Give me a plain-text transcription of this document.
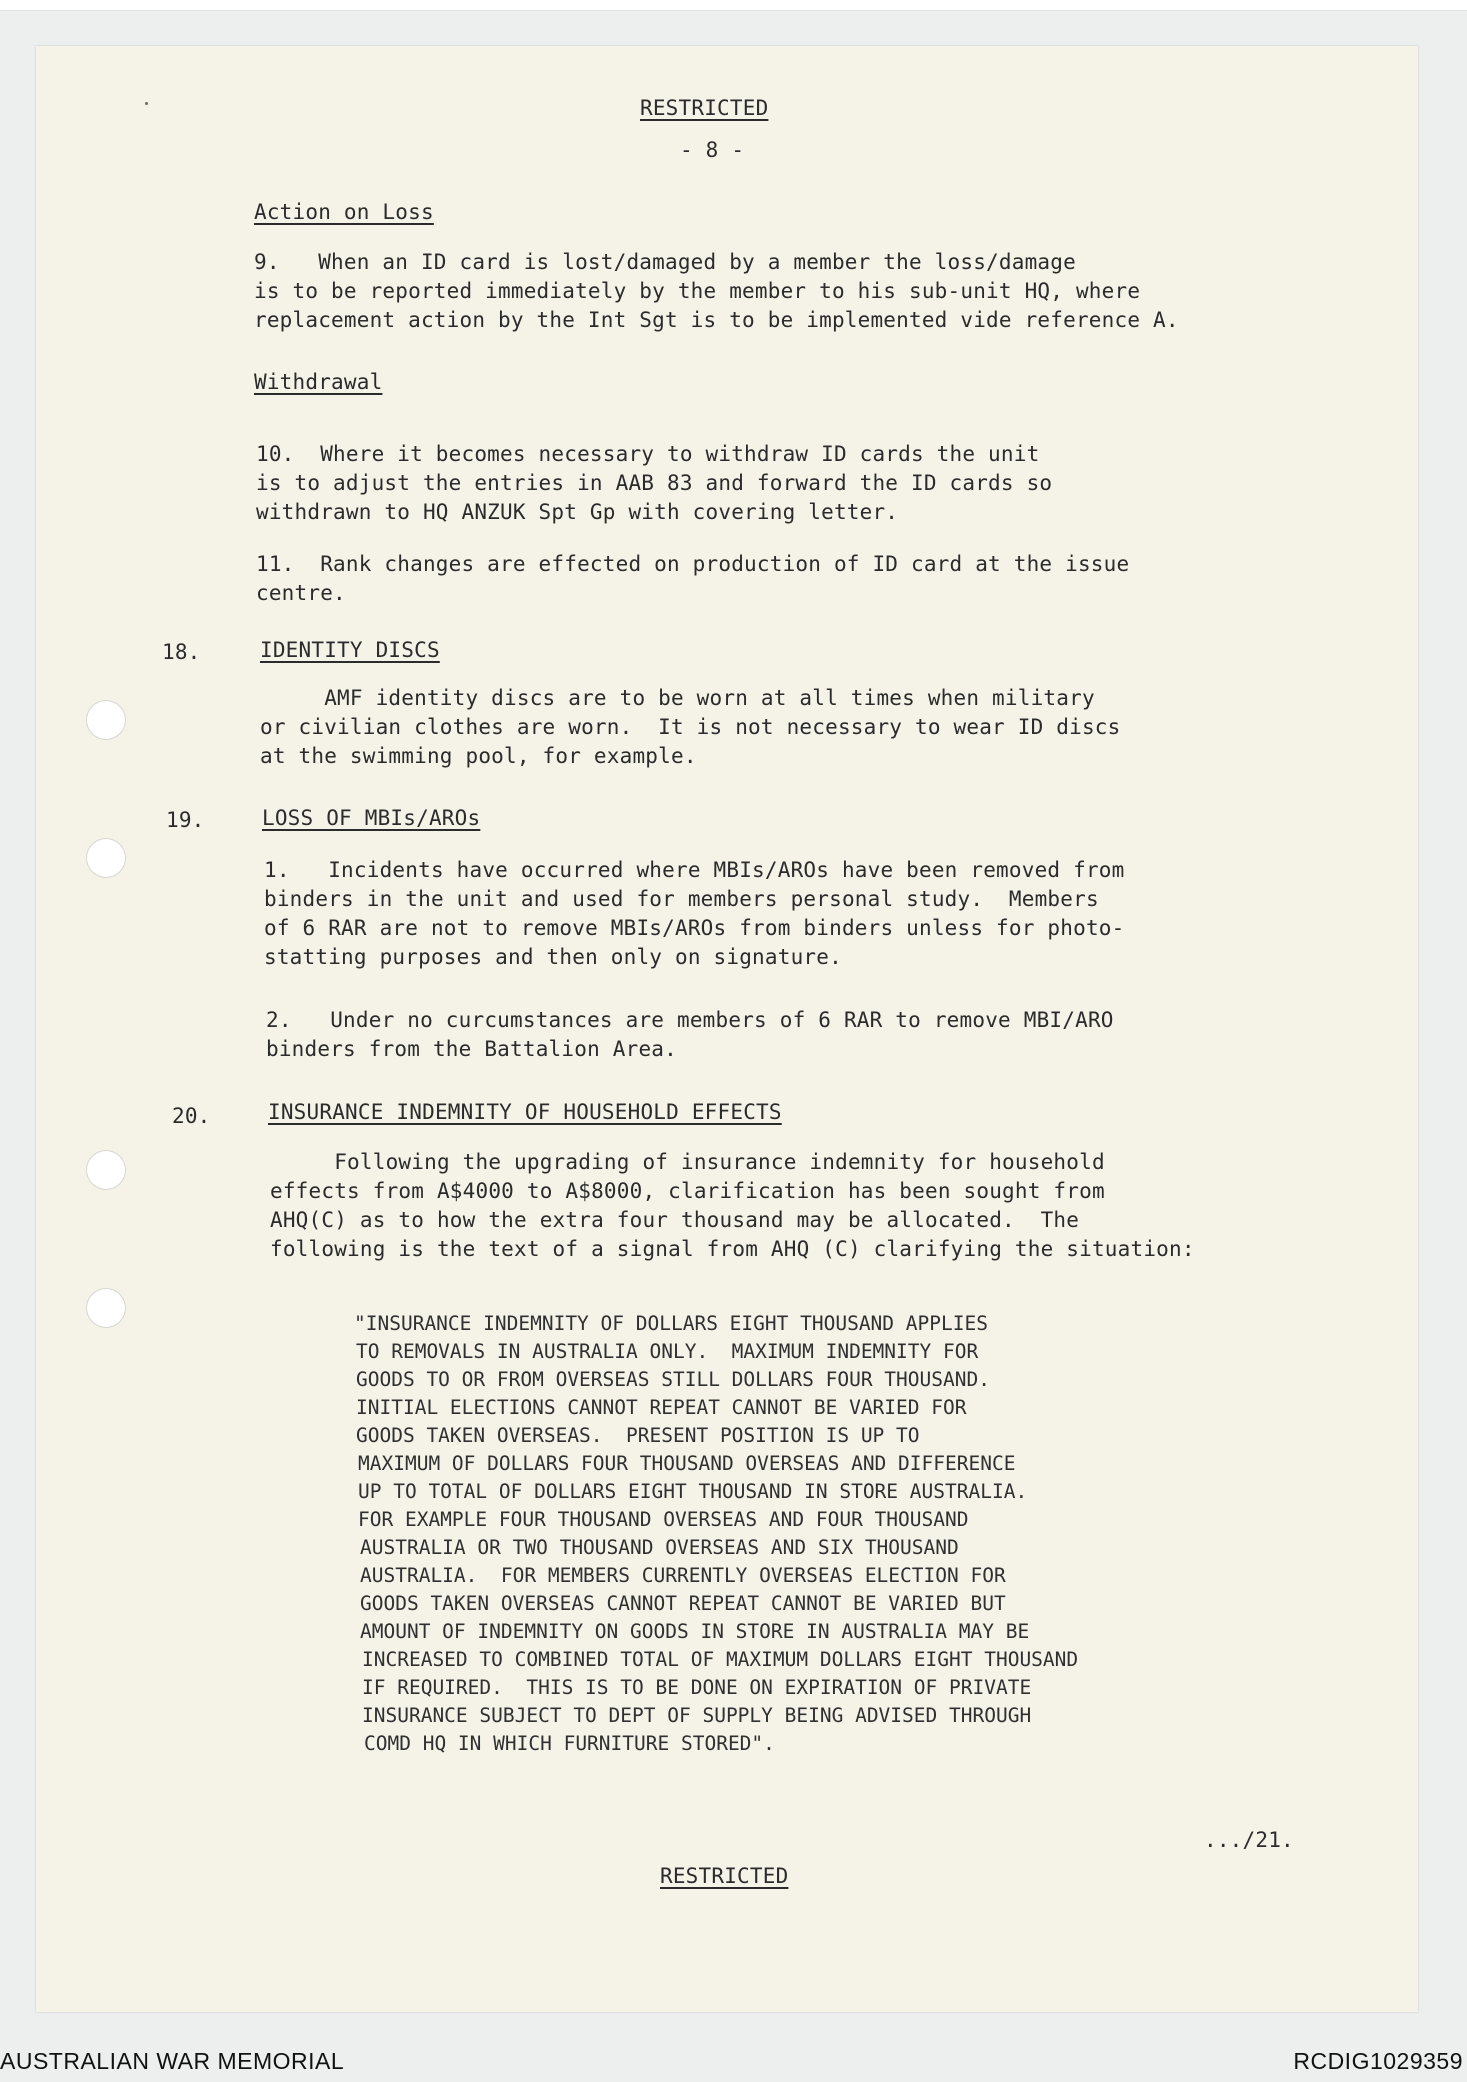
RESTRICTED

- 8 -

Action on Loss

9.   When an ID card is lost/damaged by a member the loss/damage

is to be reported immediately by the member to his sub-unit HQ, where

replacement action by the Int Sgt is to be implemented vide reference A.

Withdrawal

10.  Where it becomes necessary to withdraw ID cards the unit

is to adjust the entries in AAB 83 and forward the ID cards so

withdrawn to HQ ANZUK Spt Gp with covering letter.

11.  Rank changes are effected on production of ID card at the issue

centre.

18.	IDENTITY DISCS

AMF identity discs are to be worn at all times when military

or civilian clothes are worn.  It is not necessary to wear ID discs

at the swimming pool, for example.

19.	LOSS OF MBIs/AROs

1.   Incidents have occurred where MBIs/AROs have been removed from

binders in the unit and used for members personal study.  Members

of 6 RAR are not to remove MBIs/AROs from binders unless for photo-

statting purposes and then only on signature.

2.   Under no curcumstances are members of 6 RAR to remove MBI/ARO

binders from the Battalion Area.

20.	INSURANCE INDEMNITY OF HOUSEHOLD EFFECTS

Following the upgrading of insurance indemnity for household

effects from A$4000 to A$8000, clarification has been sought from

AHQ(C) as to how the extra four thousand may be allocated.  The

following is the text of a signal from AHQ (C) clarifying the situation:

"INSURANCE INDEMNITY OF DOLLARS EIGHT THOUSAND APPLIES

TO REMOVALS IN AUSTRALIA ONLY.  MAXIMUM INDEMNITY FOR

GOODS TO OR FROM OVERSEAS STILL DOLLARS FOUR THOUSAND.

INITIAL ELECTIONS CANNOT REPEAT CANNOT BE VARIED FOR

GOODS TAKEN OVERSEAS.  PRESENT POSITION IS UP TO

MAXIMUM OF DOLLARS FOUR THOUSAND OVERSEAS AND DIFFERENCE

UP TO TOTAL OF DOLLARS EIGHT THOUSAND IN STORE AUSTRALIA.

FOR EXAMPLE FOUR THOUSAND OVERSEAS AND FOUR THOUSAND

AUSTRALIA OR TWO THOUSAND OVERSEAS AND SIX THOUSAND

AUSTRALIA.  FOR MEMBERS CURRENTLY OVERSEAS ELECTION FOR

GOODS TAKEN OVERSEAS CANNOT REPEAT CANNOT BE VARIED BUT

AMOUNT OF INDEMNITY ON GOODS IN STORE IN AUSTRALIA MAY BE

INCREASED TO COMBINED TOTAL OF MAXIMUM DOLLARS EIGHT THOUSAND

IF REQUIRED.  THIS IS TO BE DONE ON EXPIRATION OF PRIVATE

INSURANCE SUBJECT TO DEPT OF SUPPLY BEING ADVISED THROUGH

COMD HQ IN WHICH FURNITURE STORED".

.../21.

RESTRICTED

AUSTRALIAN WAR MEMORIAL	RCDIG1029359
